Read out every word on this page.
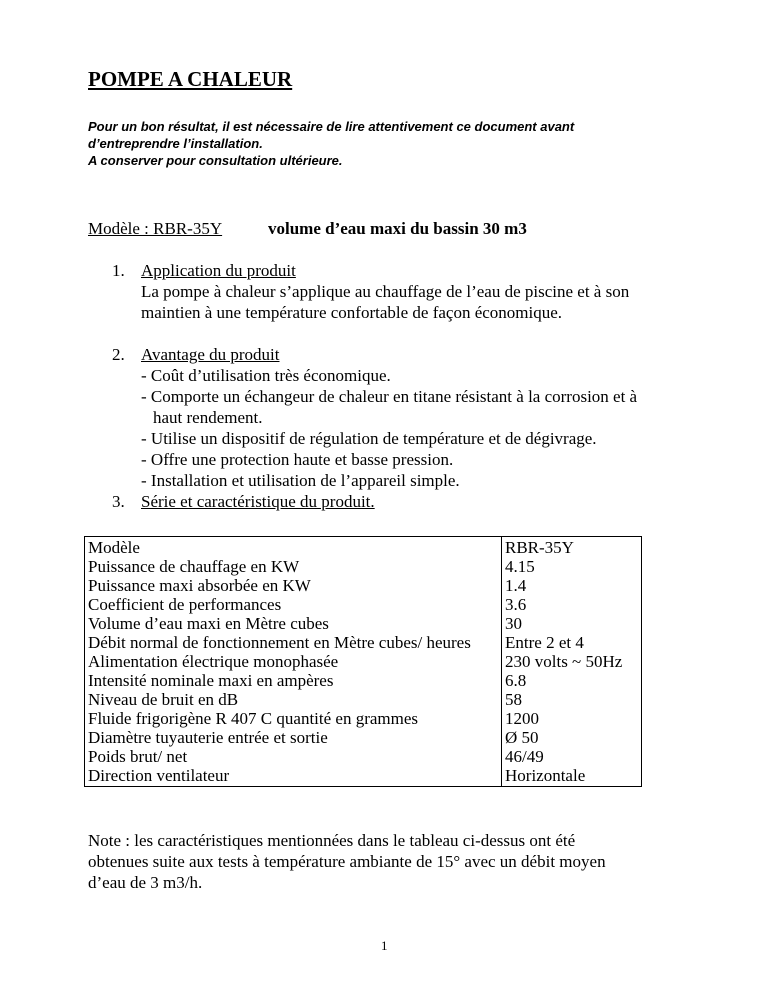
POMPE A CHALEUR
Pour un bon résultat, il est nécessaire de lire attentivement ce document avant
d’entreprendre l’installation.
A conserver pour consultation ultérieure.
Modèle : RBR-35Y	volume d’eau maxi du bassin 30 m3
1. Application du produit
La pompe à chaleur s’applique au chauffage de l’eau de piscine et à son
maintien à une température confortable de façon économique.
2. Avantage du produit
- Coût d’utilisation très économique.
- Comporte un échangeur de chaleur en titane résistant à la corrosion et à
haut rendement.
- Utilise un dispositif de régulation de température et de dégivrage.
- Offre une protection haute et basse pression.
- Installation et utilisation de l’appareil simple.
3. Série et caractéristique du produit.
Modèle	RBR-35Y
Puissance de chauffage en KW	4.15
Puissance maxi absorbée en KW	1.4
Coefficient de performances	3.6
Volume d’eau maxi en Mètre cubes	30
Débit normal de fonctionnement en Mètre cubes/ heures	Entre 2 et 4
Alimentation électrique monophasée	230 volts ~ 50Hz
Intensité nominale maxi en ampères	6.8
Niveau de bruit en dB	58
Fluide frigorigène R 407 C quantité en grammes	1200
Diamètre tuyauterie entrée et sortie	Ø 50
Poids brut/ net	46/49
Direction ventilateur	Horizontale
Note : les caractéristiques mentionnées dans le tableau ci-dessus ont été
obtenues suite aux tests à température ambiante de 15° avec un débit moyen
d’eau de 3 m3/h.
1
